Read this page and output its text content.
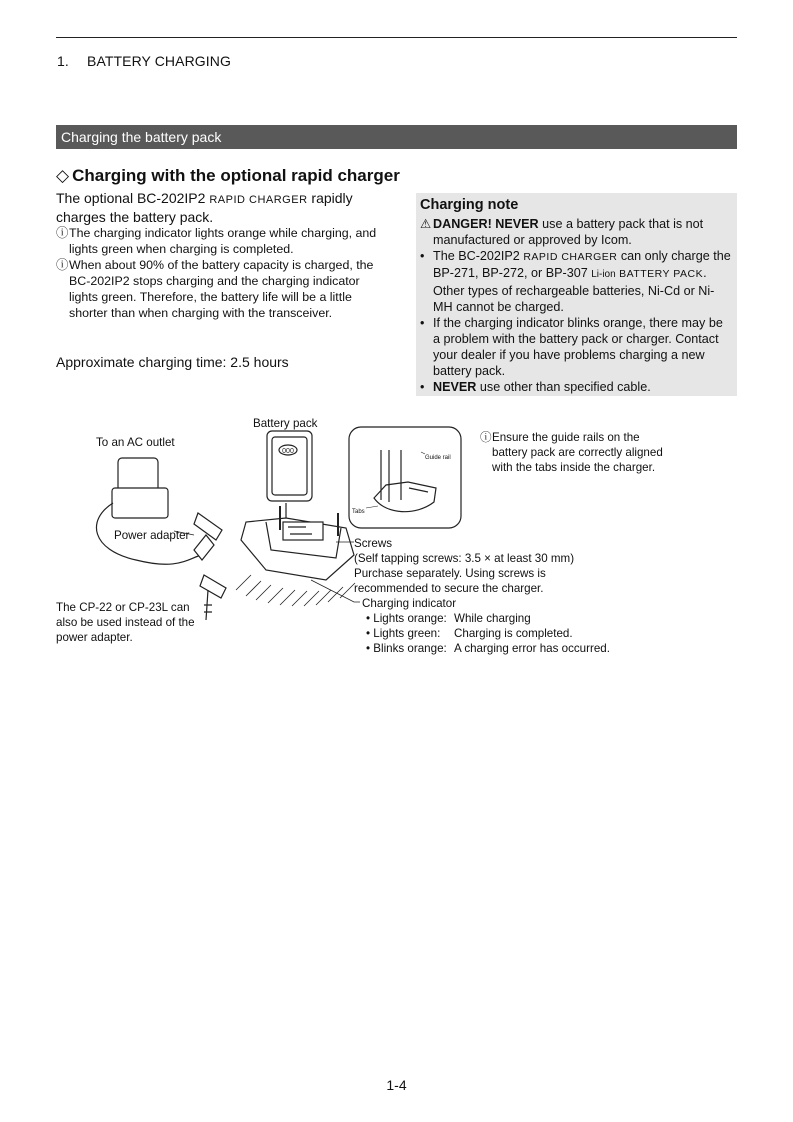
1. BATTERY CHARGING
Charging the battery pack
◇ Charging with the optional rapid charger
The optional BC-202IP2 RAPID CHARGER rapidly charges the battery pack.
ⓘ The charging indicator lights orange while charging, and lights green when charging is completed.
ⓘ When about 90% of the battery capacity is charged, the BC-202IP2 stops charging and the charging indicator lights green. Therefore, the battery life will be a little shorter than when charging with the transceiver.
Approximate charging time: 2.5 hours
Charging note
⚠ DANGER! NEVER use a battery pack that is not manufactured or approved by Icom.
• The BC-202IP2 RAPID CHARGER can only charge the BP-271, BP-272, or BP-307 Li-ion BATTERY PACK. Other types of rechargeable batteries, Ni-Cd or Ni-MH cannot be charged.
• If the charging indicator blinks orange, there may be a problem with the battery pack or charger. Contact your dealer if you have problems charging a new battery pack.
• NEVER use other than specified cable.
000
Battery pack
To an AC outlet
Power adapter
The CP-22 or CP-23L can also be used instead of the power adapter.
Guide rail
Tabs
ⓘ Ensure the guide rails on the battery pack are correctly aligned with the tabs inside the charger.
Screws
(Self tapping screws: 3.5 × at least 30 mm)
Purchase separately. Using screws is
recommended to secure the charger.
Charging indicator
• Lights orange: While charging
• Lights green: Charging is completed.
• Blinks orange: A charging error has occurred.
1-4
